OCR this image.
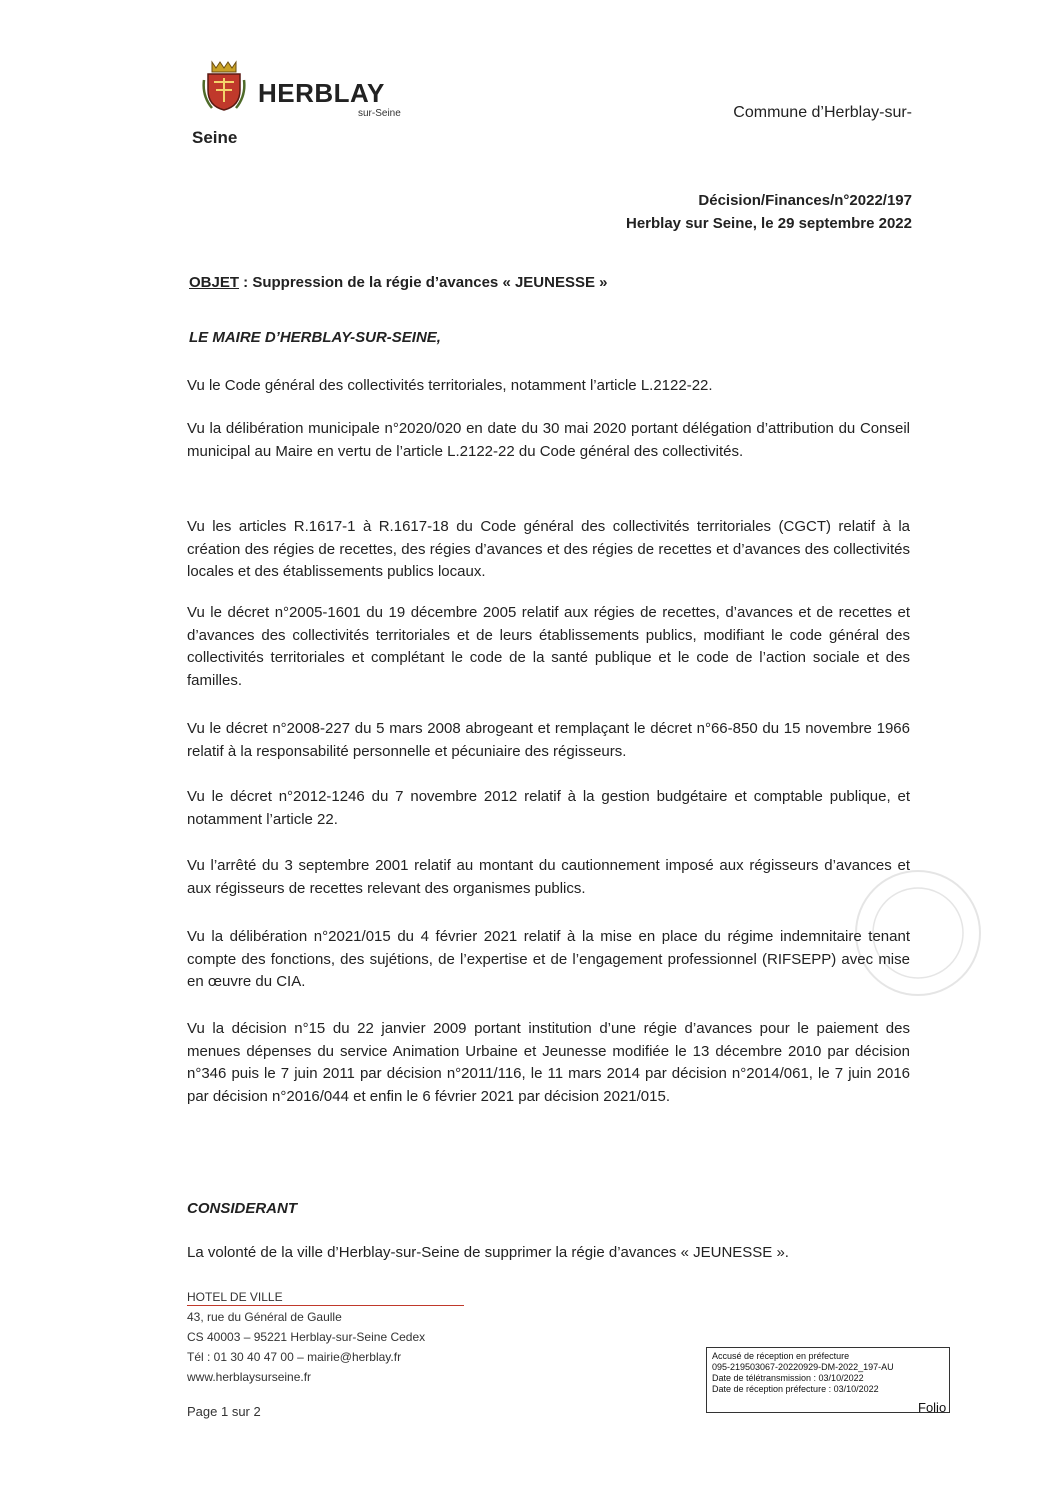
HERBLAY
sur-Seine
Seine
Commune d’Herblay-sur-
Décision/Finances/n°2022/197
Herblay sur Seine, le 29 septembre 2022
OBJET : Suppression de la régie d’avances « JEUNESSE »
LE MAIRE D’HERBLAY-SUR-SEINE,

Vu le Code général des collectivités territoriales, notamment l’article L.2122-22.

Vu la délibération municipale n°2020/020 en date du 30 mai 2020 portant délégation d’attribution du Conseil municipal au Maire en vertu de l’article L.2122-22 du Code général des collectivités.

Vu les articles R.1617-1 à R.1617-18 du Code général des collectivités territoriales (CGCT) relatif à la création des régies de recettes, des régies d’avances et des régies de recettes et d’avances des collectivités locales et des établissements publics locaux.

Vu le décret n°2005-1601 du 19 décembre 2005 relatif aux régies de recettes, d’avances et de recettes et d’avances des collectivités territoriales et de leurs établissements publics, modifiant le code général des collectivités territoriales et complétant le code de la santé publique et le code de l’action sociale et des familles.

Vu le décret n°2008-227 du 5 mars 2008 abrogeant et remplaçant le décret n°66-850 du 15 novembre 1966 relatif à la responsabilité personnelle et pécuniaire des régisseurs.

Vu le décret n°2012-1246 du 7 novembre 2012 relatif à la gestion budgétaire et comptable publique, et notamment l’article 22.

Vu l’arrêté du 3 septembre 2001 relatif au montant du cautionnement imposé aux régisseurs d’avances et aux régisseurs de recettes relevant des organismes publics.

Vu la délibération n°2021/015 du 4 février 2021 relatif à la mise en place du régime indemnitaire tenant compte des fonctions, des sujétions, de l’expertise et de l’engagement professionnel (RIFSEPP) avec mise en œuvre du CIA.

Vu la décision n°15 du 22 janvier 2009 portant institution d’une régie d’avances pour le paiement des menues dépenses du service Animation Urbaine et Jeunesse modifiée le 13 décembre 2010 par décision n°346 puis le 7 juin 2011 par décision n°2011/116, le 11 mars 2014 par décision n°2014/061, le 7 juin 2016 par décision n°2016/044 et enfin le 6 février 2021 par décision 2021/015.

CONSIDERANT
La volonté de la ville d’Herblay-sur-Seine de supprimer la régie d’avances « JEUNESSE ».
HOTEL DE VILLE
43, rue du Général de Gaulle
CS 40003 – 95221 Herblay-sur-Seine Cedex
Tél : 01 30 40 47 00 – mairie@herblay.fr
www.herblaysurseine.fr
Page 1 sur 2
Accusé de réception en préfecture
095-219503067-20220929-DM-2022_197-AU
Date de télétransmission : 03/10/2022
Date de réception préfecture : 03/10/2022
Folio
